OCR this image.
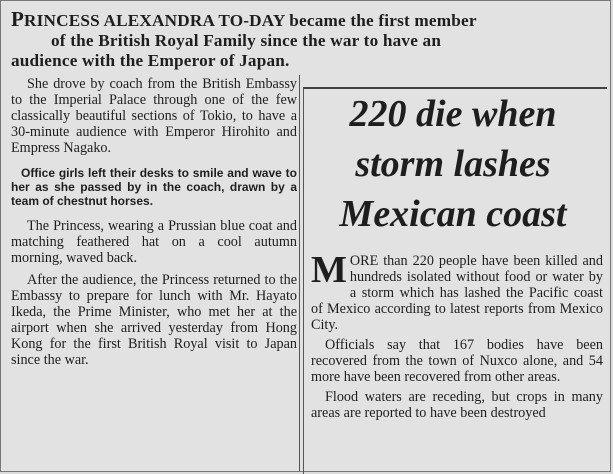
PRINCESS ALEXANDRA TO-DAY became the first member

of the British Royal Family since the war to have an

audience with the Emperor of Japan.

She drove by coach from the British Embassy to the Imperial Palace through one of the few classically beautiful sections of Tokio, to have a 30-minute audience with Emperor Hirohito and Empress Nagako.

Office girls left their desks to smile and wave to her as she passed by in the coach, drawn by a team of chestnut horses.

The Princess, wearing a Prussian blue coat and matching feathered hat on a cool autumn morning, waved back.

After the audience, the Princess returned to the Embassy to prepare for lunch with Mr. Hayato Ikeda, the Prime Minister, who met her at the airport when she arrived yesterday from Hong Kong for the first British Royal visit to Japan since the war.

220 die when
storm lashes
Mexican coast

MORE than 220 people have been killed and hundreds isolated without food or water by a storm which has lashed the Pacific coast of Mexico according to latest reports from Mexico City.

Officials say that 167 bodies have been recovered from the town of Nuxco alone, and 54 more have been recovered from other areas.

Flood waters are receding, but crops in many areas are reported to have been destroyed
